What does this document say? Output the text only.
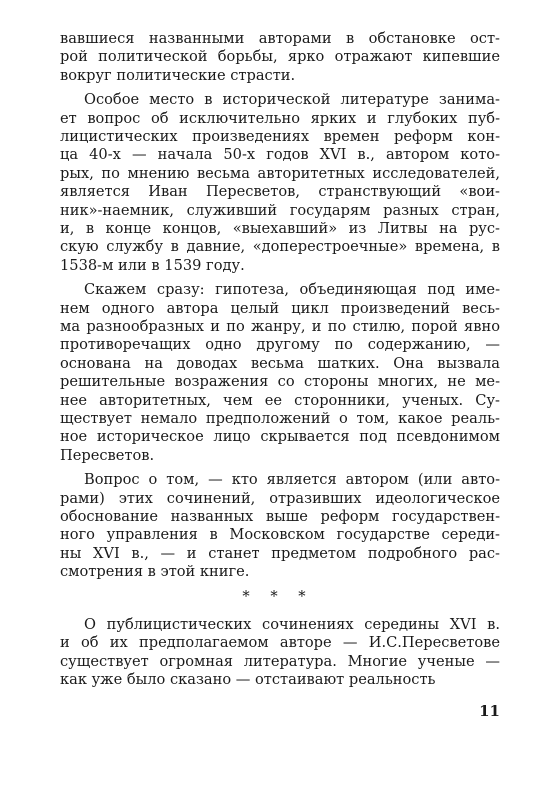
вавшиеся названными авторами в обстановке ост-
рой политической борьбы, ярко отражают кипевшие
вокруг политические страсти.
Особое место в исторической литературе занима-
ет вопрос об исключительно ярких и глубоких пуб-
лицистических произведениях времен реформ кон-
ца 40-х — начала 50-х годов XVI в., автором кото-
рых, по мнению весьма авторитетных исследователей,
является Иван Пересветов, странствующий «вои-
ник»-наемник, служивший государям разных стран,
и, в конце концов, «выехавший» из Литвы на рус-
скую службу в давние, «доперестроечные» времена, в
1538-м или в 1539 году.
Скажем сразу: гипотеза, объединяющая под име-
нем одного автора целый цикл произведений весь-
ма разнообразных и по жанру, и по стилю, порой явно
противоречащих одно другому по содержанию, —
основана на доводах весьма шатких. Она вызвала
решительные возражения со стороны многих, не ме-
нее авторитетных, чем ее сторонники, ученых. Су-
ществует немало предположений о том, какое реаль-
ное историческое лицо скрывается под псевдонимом
Пересветов.
Вопрос о том, — кто является автором (или авто-
рами) этих сочинений, отразивших идеологическое
обоснование названных выше реформ государствен-
ного управления в Московском государстве середи-
ны XVI в., — и станет предметом подробного рас-
смотрения в этой книге.
* * *
О публицистических сочинениях середины XVI в.
и об их предполагаемом авторе — И.С.Пересветове
существует огромная литература. Многие ученые —
как уже было сказано — отстаивают реальность
11
